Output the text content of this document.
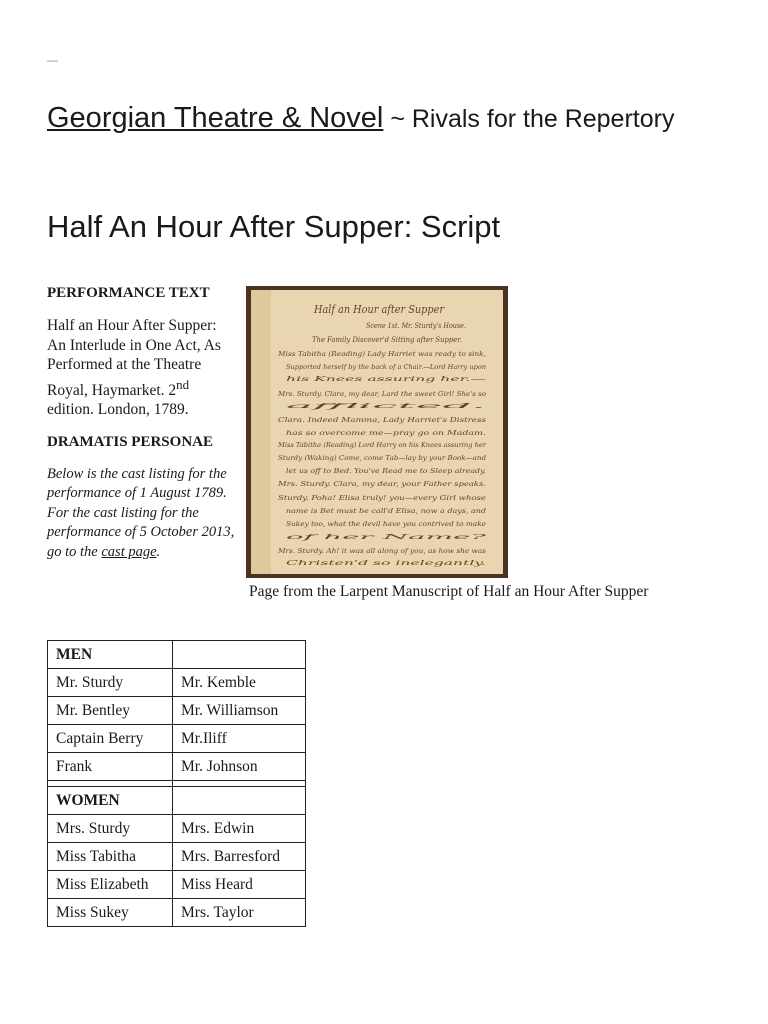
—
Georgian Theatre & Novel ~ Rivals for the Repertory
Half An Hour After Supper: Script

PERFORMANCE TEXT

Half an Hour After Supper: An Interlude in One Act, As Performed at the Theatre Royal, Haymarket. 2nd edition. London, 1789.

DRAMATIS PERSONAE

Below is the cast listing for the performance of 1 August 1789. For the cast listing for the performance of 5 October 2013, go to the cast page.

Half an Hour after Supper
Scene 1st. Mr. Sturdy's House.
The Family Discover'd Sitting after Supper.
Miss Tabitha (Reading) Lady Harriet was ready to sink,
Supported herself by the back of a Chair.—Lord Harry upon
his Knees assuring her.—
Mrs. Sturdy. Clara, my dear, Lard the sweet Girl! She's so
afflicted.
Clara. Indeed Mamma, Lady Harriet's Distress
has so overcome me—pray go on Madam.
Miss Tabitha (Reading) Lord Harry on his Knees assuring her
Sturdy (Waking) Come, come Tab—lay by your Book—and
let us off to Bed. You've Read me to Sleep already.
Mrs. Sturdy. Clara, my dear, your Father speaks.
Sturdy. Poha! Elisa truly! you—every Girl whose
name is Bet must be call'd Elisa, now a days, and
Sukey too, what the devil have you contrived to make
of her Name?
Mrs. Sturdy. Ah! it was all along of you, as how she was
Christen'd so inelegantly.
Page from the Larpent Manuscript of Half an Hour After Supper
MEN	
Mr. Sturdy	Mr. Kemble
Mr. Bentley	Mr. Williamson
Captain Berry	Mr.Iliff
Frank	Mr. Johnson

WOMEN	
Mrs. Sturdy	Mrs. Edwin
Miss Tabitha	Mrs. Barresford
Miss Elizabeth	Miss Heard
Miss Sukey	Mrs. Taylor
